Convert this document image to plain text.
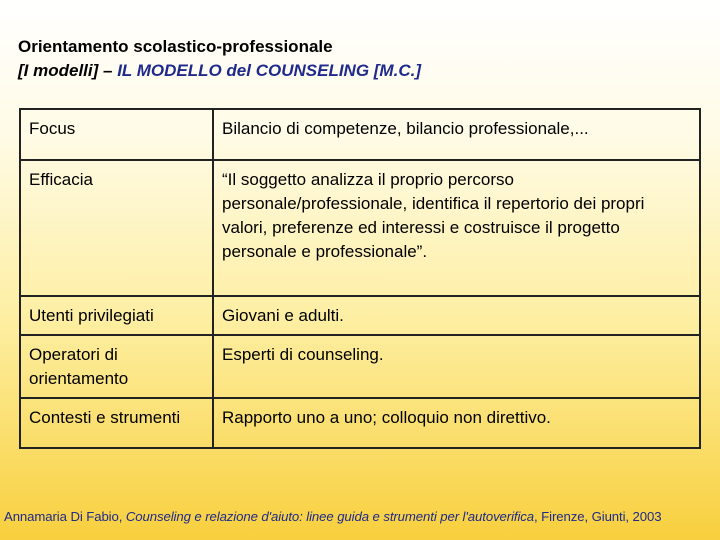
Orientamento scolastico-professionale
[I modelli] – IL MODELLO del COUNSELING [M.C.]
Focus	Bilancio di competenze, bilancio professionale,...
Efficacia	“Il soggetto analizza il proprio percorso personale/professionale, identifica il repertorio dei propri valori, preferenze ed interessi e costruisce il progetto personale e professionale”.
Utenti privilegiati	Giovani e adulti.
Operatori di orientamento	Esperti di counseling.
Contesti e strumenti	Rapporto uno a uno; colloquio non direttivo.
Annamaria Di Fabio, Counseling e relazione d'aiuto: linee guida e strumenti per l'autoverifica, Firenze, Giunti, 2003
